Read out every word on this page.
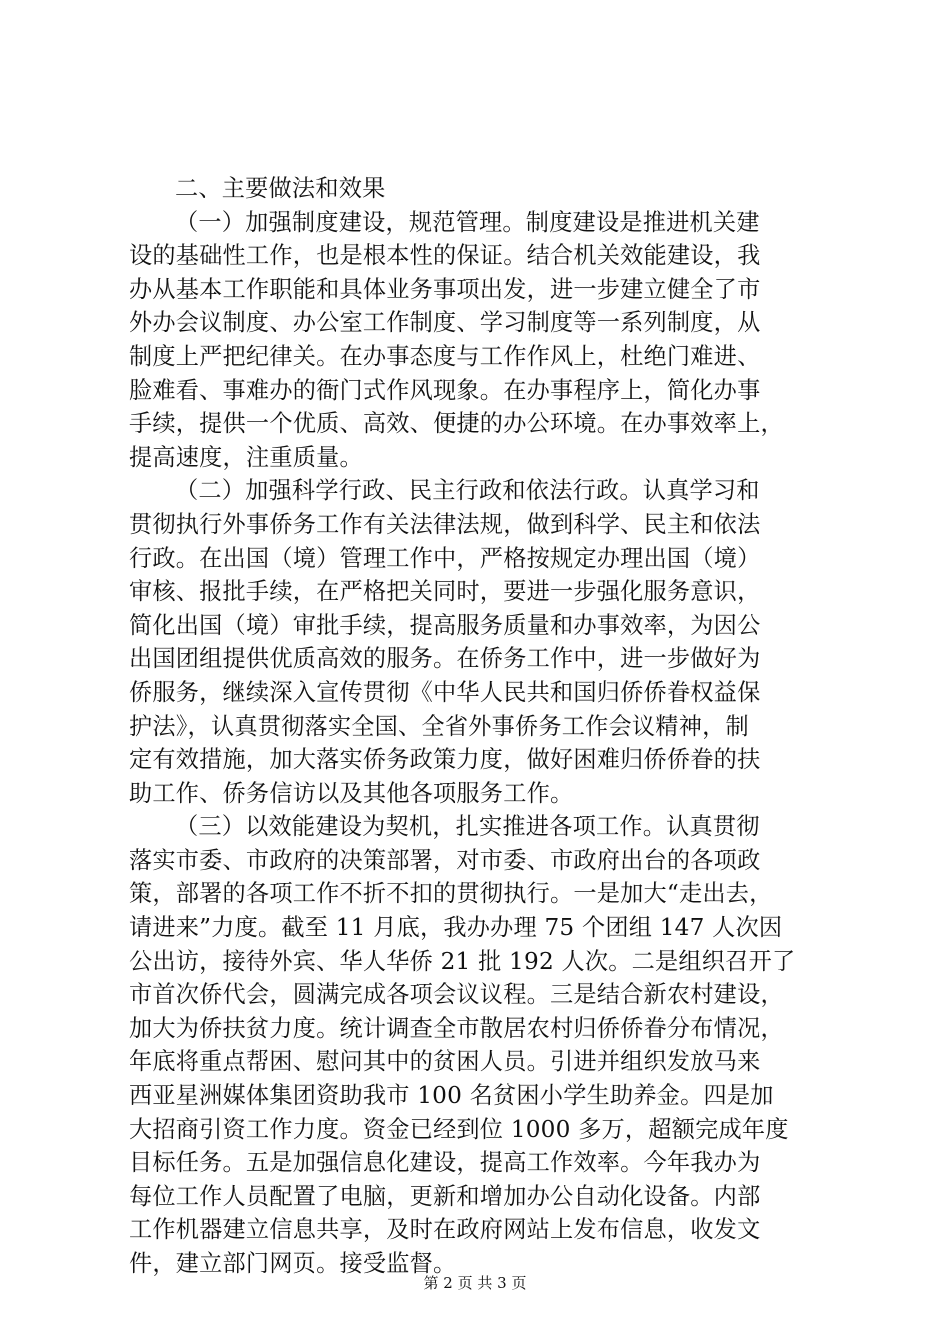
二、主要做法和效果
（一）加强制度建设，规范管理。制度建设是推进机关建
设的基础性工作，也是根本性的保证。结合机关效能建设，我
办从基本工作职能和具体业务事项出发，进一步建立健全了市
外办会议制度、办公室工作制度、学习制度等一系列制度，从
制度上严把纪律关。在办事态度与工作作风上，杜绝门难进、
脸难看、事难办的衙门式作风现象。在办事程序上，简化办事
手续，提供一个优质、高效、便捷的办公环境。在办事效率上，
提高速度，注重质量。
（二）加强科学行政、民主行政和依法行政。认真学习和
贯彻执行外事侨务工作有关法律法规，做到科学、民主和依法
行政。在出国（境）管理工作中，严格按规定办理出国（境）
审核、报批手续，在严格把关同时，要进一步强化服务意识，
简化出国（境）审批手续，提高服务质量和办事效率，为因公
出国团组提供优质高效的服务。在侨务工作中，进一步做好为
侨服务，继续深入宣传贯彻《中华人民共和国归侨侨眷权益保
护法》，认真贯彻落实全国、全省外事侨务工作会议精神，制
定有效措施，加大落实侨务政策力度，做好困难归侨侨眷的扶
助工作、侨务信访以及其他各项服务工作。
（三）以效能建设为契机，扎实推进各项工作。认真贯彻
落实市委、市政府的决策部署，对市委、市政府出台的各项政
策，部署的各项工作不折不扣的贯彻执行。一是加大“走出去，
请进来”力度。截至 11 月底，我办办理 75 个团组 147 人次因
公出访，接待外宾、华人华侨 21 批 192 人次。二是组织召开了
市首次侨代会，圆满完成各项会议议程。三是结合新农村建设，
加大为侨扶贫力度。统计调查全市散居农村归侨侨眷分布情况，
年底将重点帮困、慰问其中的贫困人员。引进并组织发放马来
西亚星洲媒体集团资助我市 100 名贫困小学生助养金。四是加
大招商引资工作力度。资金已经到位 1000 多万，超额完成年度
目标任务。五是加强信息化建设，提高工作效率。今年我办为
每位工作人员配置了电脑，更新和增加办公自动化设备。内部
工作机器建立信息共享，及时在政府网站上发布信息，收发文
件，建立部门网页。接受监督。
第 2 页 共 3 页
